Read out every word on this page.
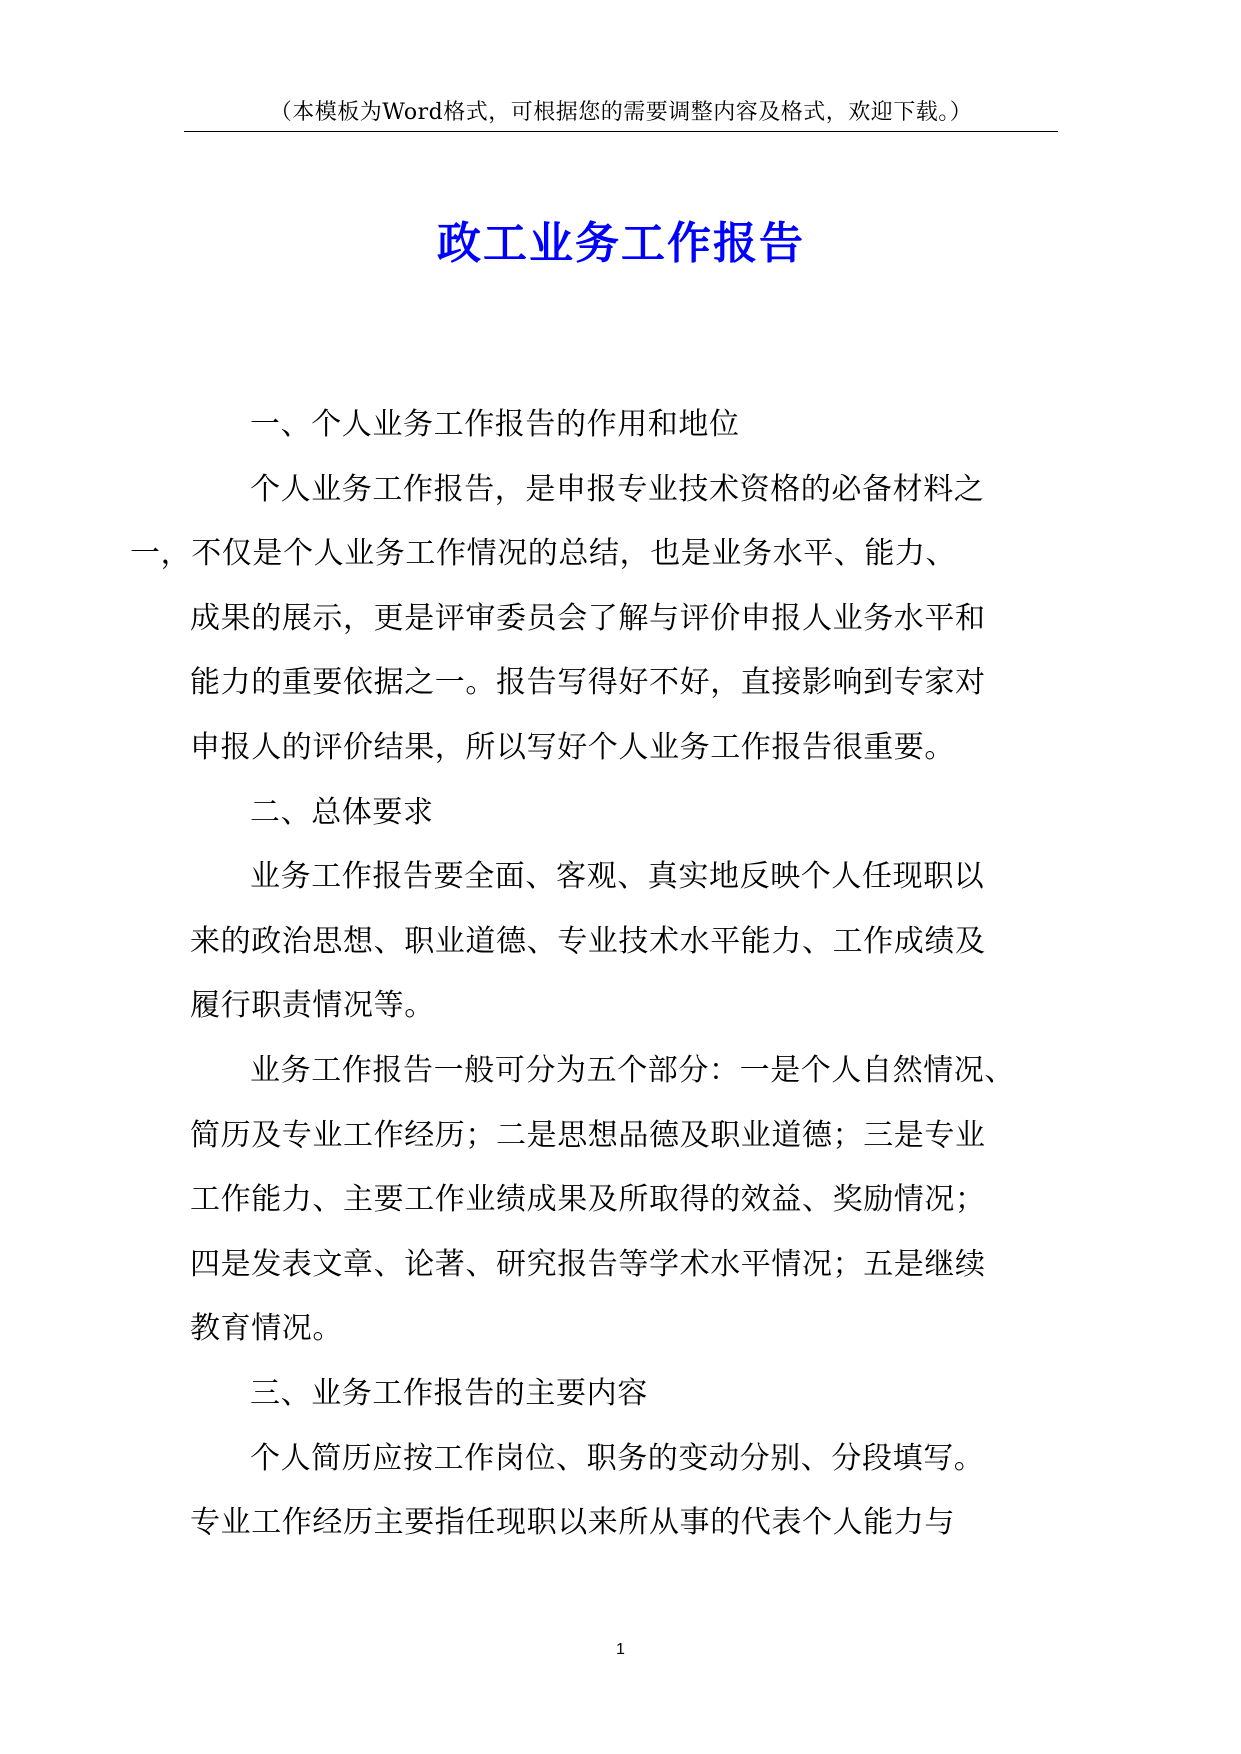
（本模板为Word格式，可根据您的需要调整内容及格式，欢迎下载。）
政工业务工作报告

一、个人业务工作报告的作用和地位

个人业务工作报告，是申报专业技术资格的必备材料之
一，不仅是个人业务工作情况的总结，也是业务水平、能力、
成果的展示，更是评审委员会了解与评价申报人业务水平和
能力的重要依据之一。报告写得好不好，直接影响到专家对
申报人的评价结果，所以写好个人业务工作报告很重要。

二、总体要求

业务工作报告要全面、客观、真实地反映个人任现职以
来的政治思想、职业道德、专业技术水平能力、工作成绩及
履行职责情况等。

业务工作报告一般可分为五个部分：一是个人自然情况、
简历及专业工作经历；二是思想品德及职业道德；三是专业
工作能力、主要工作业绩成果及所取得的效益、奖励情况；
四是发表文章、论著、研究报告等学术水平情况；五是继续
教育情况。

三、业务工作报告的主要内容

个人简历应按工作岗位、职务的变动分别、分段填写。
专业工作经历主要指任现职以来所从事的代表个人能力与

1
